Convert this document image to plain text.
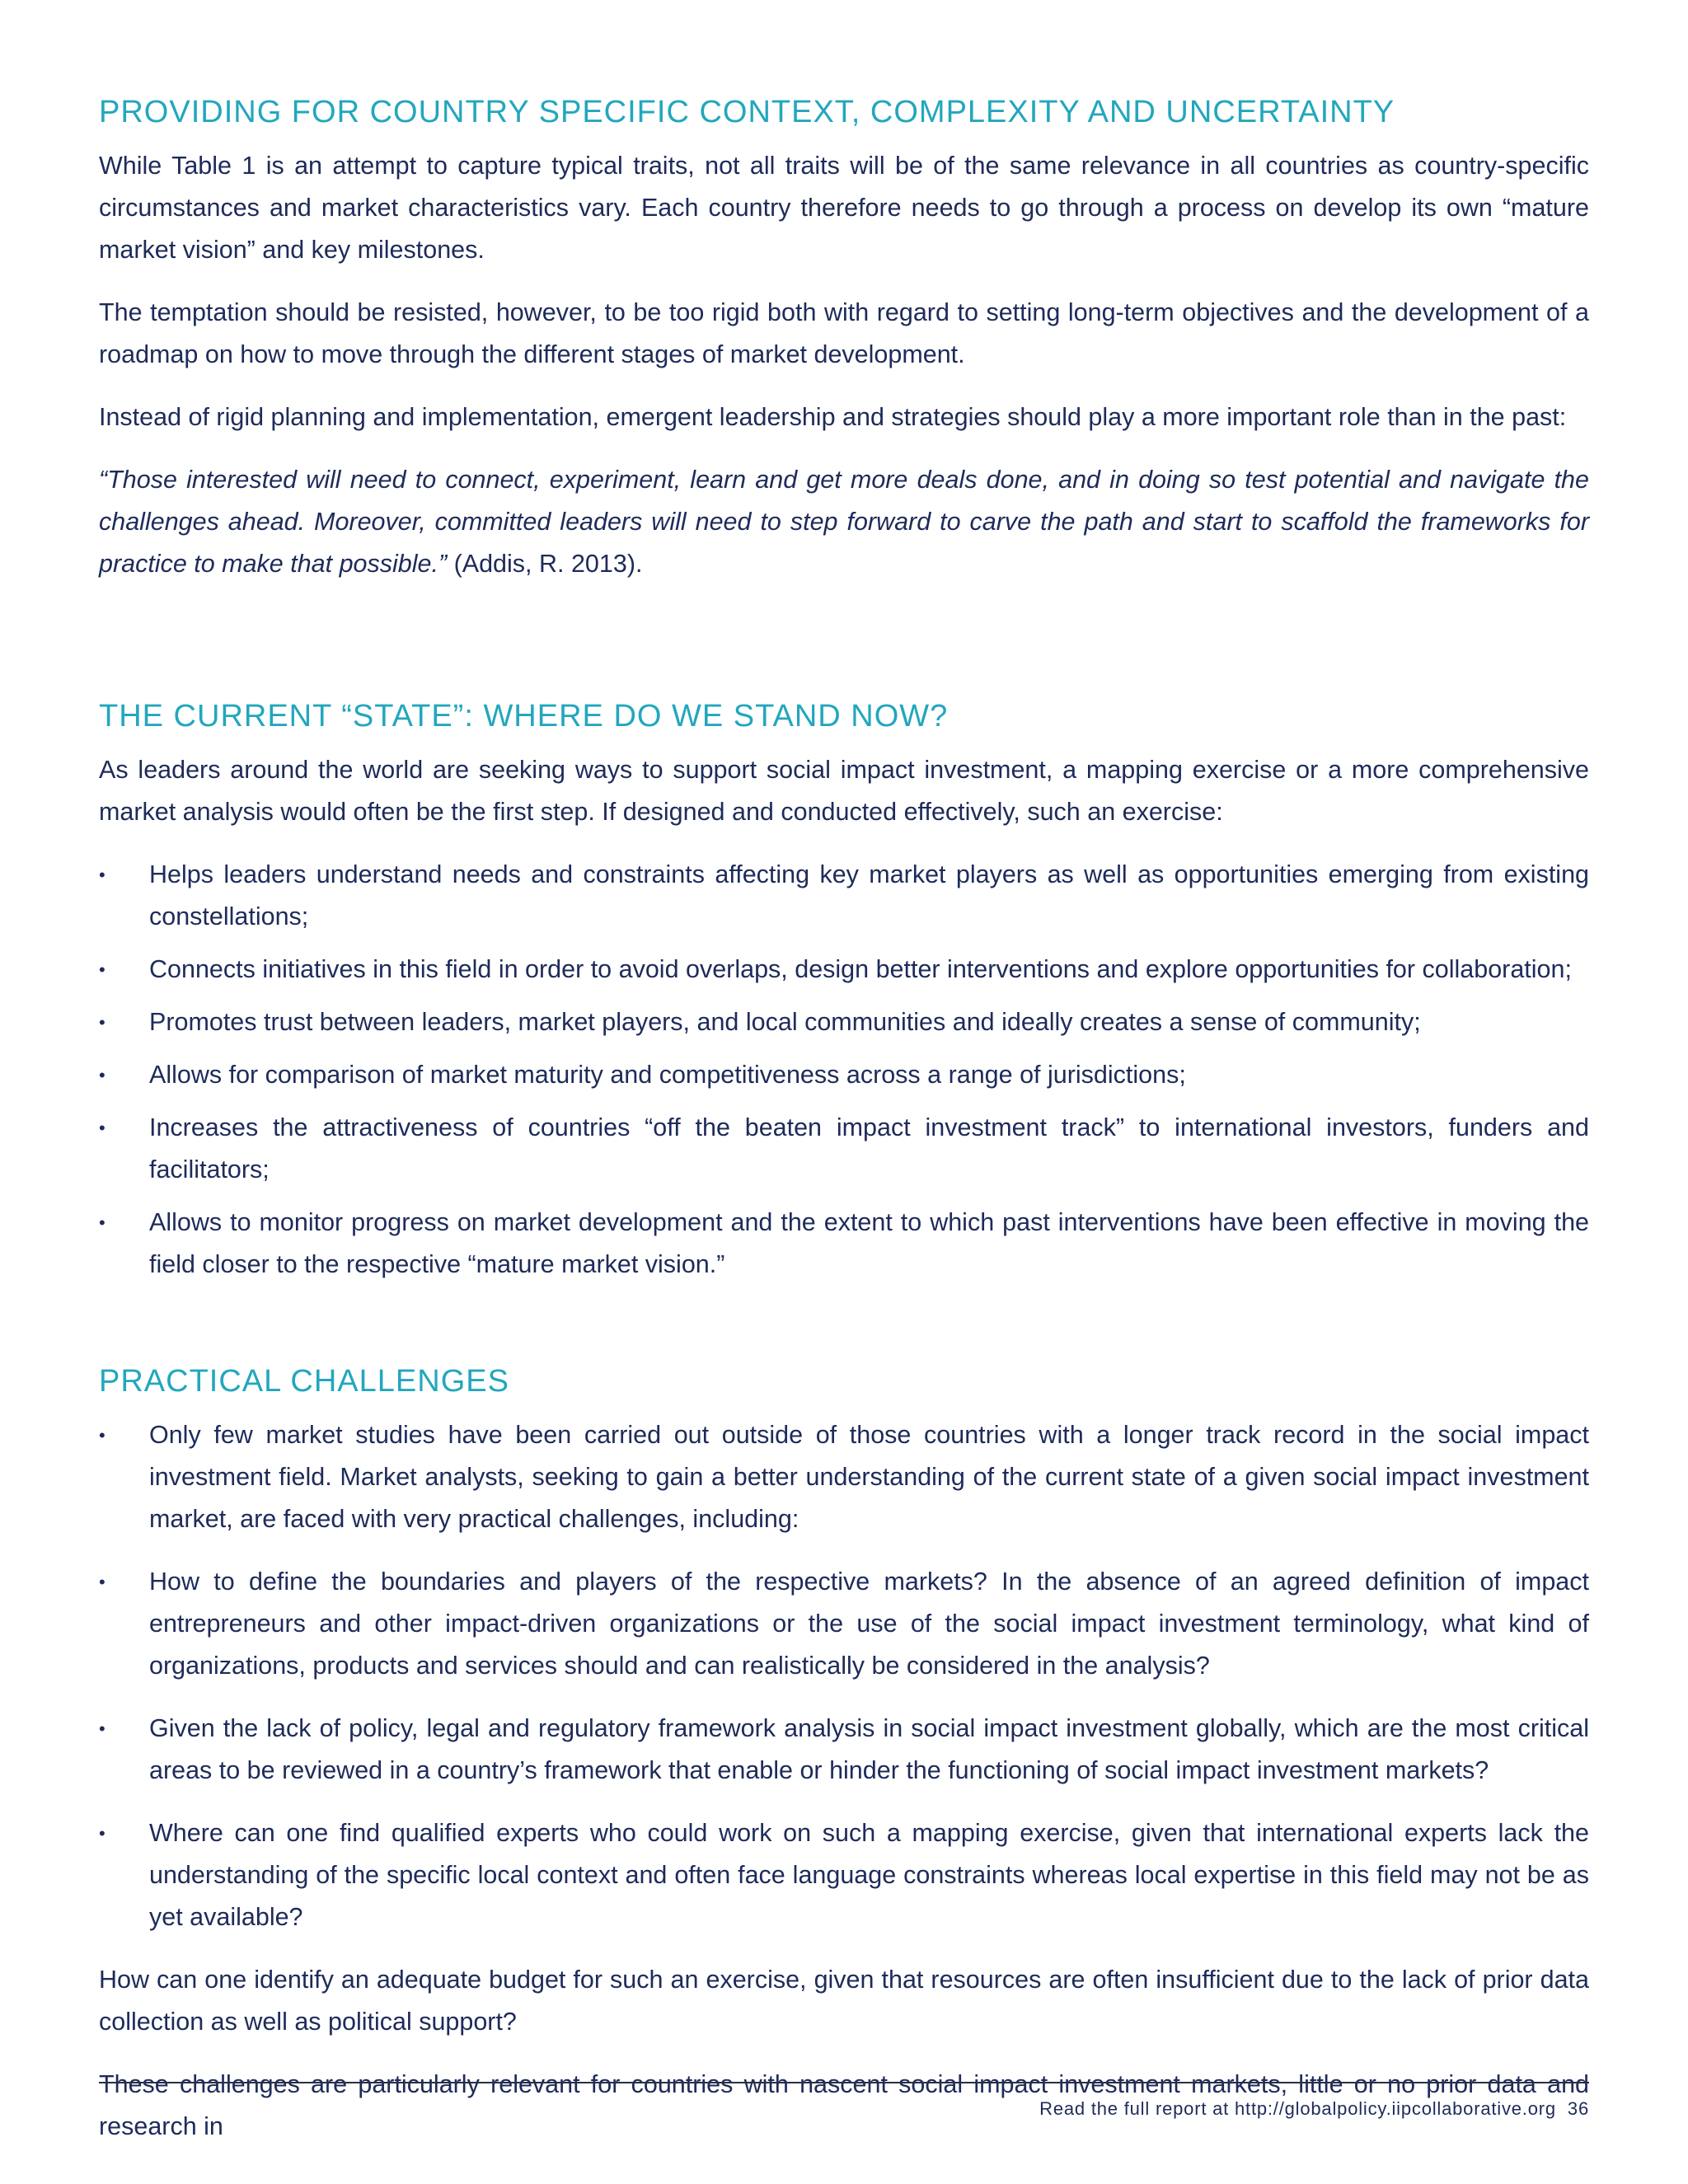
PROVIDING FOR COUNTRY SPECIFIC CONTEXT, COMPLEXITY AND UNCERTAINTY

While Table 1 is an attempt to capture typical traits, not all traits will be of the same relevance in all countries as country-specific circumstances and market characteristics vary. Each country therefore needs to go through a process on develop its own “mature market vision” and key milestones.

The temptation should be resisted, however, to be too rigid both with regard to setting long-term objectives and the development of a roadmap on how to move through the different stages of market development.

Instead of rigid planning and implementation, emergent leadership and strategies should play a more important role than in the past:

“Those interested will need to connect, experiment, learn and get more deals done, and in doing so test potential and navigate the challenges ahead. Moreover, committed leaders will need to step forward to carve the path and start to scaffold the frameworks for practice to make that possible.” (Addis, R. 2013).

THE CURRENT “STATE”: WHERE DO WE STAND NOW?

As leaders around the world are seeking ways to support social impact investment, a mapping exercise or a more comprehensive market analysis would often be the first step. If designed and conducted effectively, such an exercise:

• Helps leaders understand needs and constraints affecting key market players as well as opportunities emerging from existing constellations;
• Connects initiatives in this field in order to avoid overlaps, design better interventions and explore opportunities for collaboration;
• Promotes trust between leaders, market players, and local communities and ideally creates a sense of community;
• Allows for comparison of market maturity and competitiveness across a range of jurisdictions;
• Increases the attractiveness of countries “off the beaten impact investment track” to international investors, funders and facilitators;
• Allows to monitor progress on market development and the extent to which past interventions have been effective in moving the field closer to the respective “mature market vision.”
PRACTICAL CHALLENGES
• Only few market studies have been carried out outside of those countries with a longer track record in the social impact investment field. Market analysts, seeking to gain a better understanding of the current state of a given social impact investment market, are faced with very practical challenges, including:
• How to define the boundaries and players of the respective markets? In the absence of an agreed definition of impact entrepreneurs and other impact-driven organizations or the use of the social impact investment terminology, what kind of organizations, products and services should and can realistically be considered in the analysis?
• Given the lack of policy, legal and regulatory framework analysis in social impact investment globally, which are the most critical areas to be reviewed in a country’s framework that enable or hinder the functioning of social impact investment markets?
• Where can one find qualified experts who could work on such a mapping exercise, given that international experts lack the understanding of the specific local context and often face language constraints whereas local expertise in this field may not be as yet available?

How can one identify an adequate budget for such an exercise, given that resources are often insufficient due to the lack of prior data collection as well as political support?

These challenges are particularly relevant for countries with nascent social impact investment markets, little or no prior data and research in

Read the full report at http://globalpolicy.iipcollaborative.org 36
